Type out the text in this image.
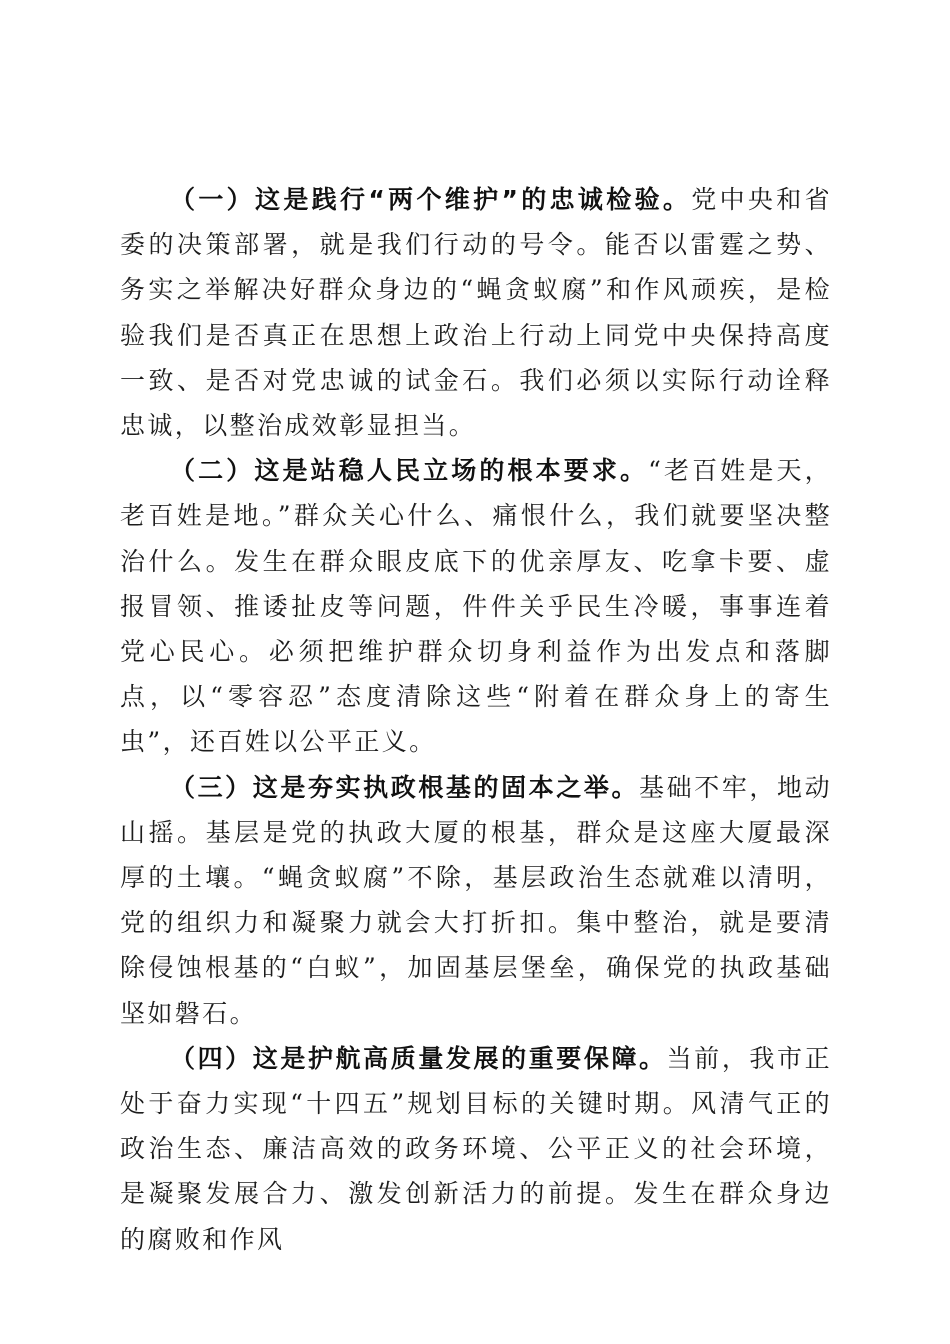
（一）这是践行“两个维护”的忠诚检验。党中央和省委的决策部署，就是我们行动的号令。能否以雷霆之势、务实之举解决好群众身边的“蝇贪蚁腐”和作风顽疾，是检验我们是否真正在思想上政治上行动上同党中央保持高度一致、是否对党忠诚的试金石。我们必须以实际行动诠释忠诚，以整治成效彰显担当。

（二）这是站稳人民立场的根本要求。“老百姓是天，老百姓是地。”群众关心什么、痛恨什么，我们就要坚决整治什么。发生在群众眼皮底下的优亲厚友、吃拿卡要、虚报冒领、推诿扯皮等问题，件件关乎民生冷暖，事事连着党心民心。必须把维护群众切身利益作为出发点和落脚点，以“零容忍”态度清除这些“附着在群众身上的寄生虫”，还百姓以公平正义。

（三）这是夯实执政根基的固本之举。基础不牢，地动山摇。基层是党的执政大厦的根基，群众是这座大厦最深厚的土壤。“蝇贪蚁腐”不除，基层政治生态就难以清明，党的组织力和凝聚力就会大打折扣。集中整治，就是要清除侵蚀根基的“白蚁”，加固基层堡垒，确保党的执政基础坚如磐石。

（四）这是护航高质量发展的重要保障。当前，我市正处于奋力实现“十四五”规划目标的关键时期。风清气正的政治生态、廉洁高效的政务环境、公平正义的社会环境，是凝聚发展合力、激发创新活力的前提。发生在群众身边的腐败和作风
